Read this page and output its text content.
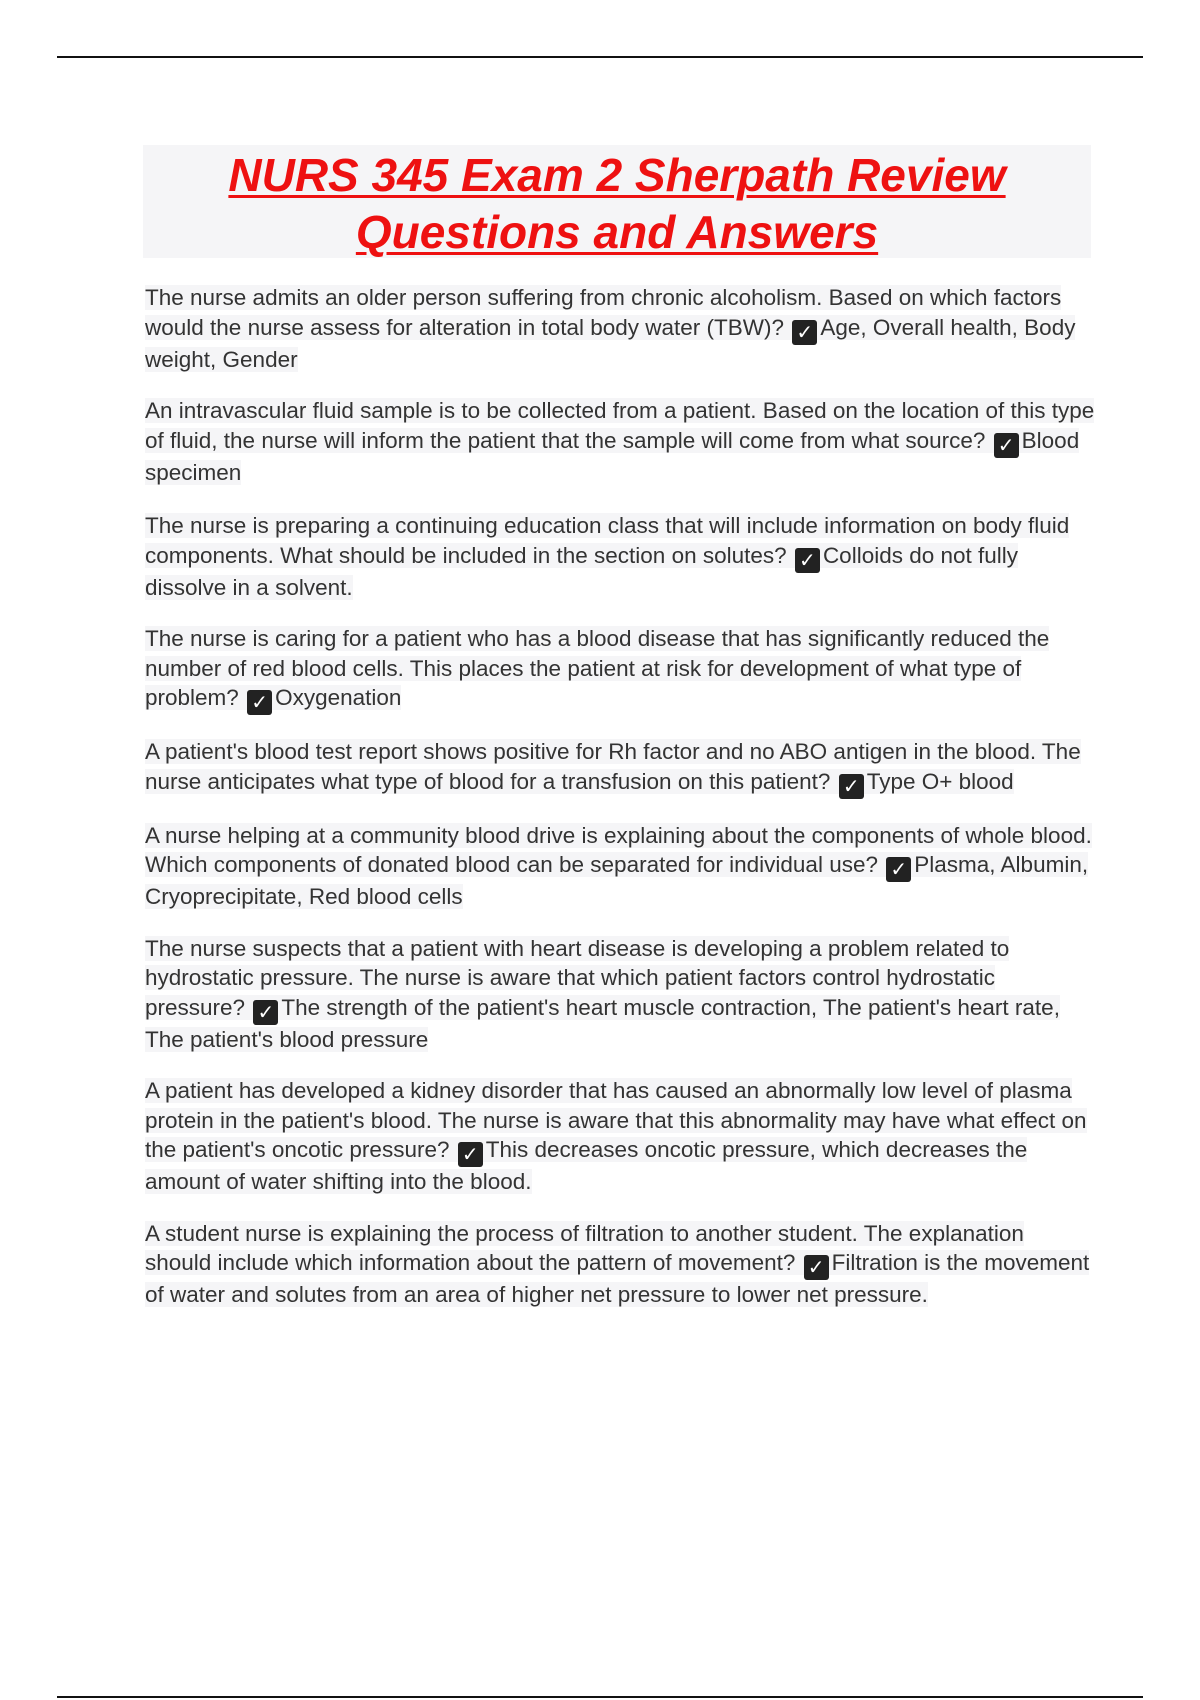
NURS 345 Exam 2 Sherpath Review
Questions and Answers

The nurse admits an older person suffering from chronic alcoholism. Based on which factors would the nurse assess for alteration in total body water (TBW)? ✓ Age, Overall health, Body weight, Gender

An intravascular fluid sample is to be collected from a patient. Based on the location of this type of fluid, the nurse will inform the patient that the sample will come from what source? ✓ Blood specimen

The nurse is preparing a continuing education class that will include information on body fluid components. What should be included in the section on solutes? ✓ Colloids do not fully dissolve in a solvent.

The nurse is caring for a patient who has a blood disease that has significantly reduced the number of red blood cells. This places the patient at risk for development of what type of problem? ✓ Oxygenation

A patient's blood test report shows positive for Rh factor and no ABO antigen in the blood. The nurse anticipates what type of blood for a transfusion on this patient? ✓ Type O+ blood

A nurse helping at a community blood drive is explaining about the components of whole blood. Which components of donated blood can be separated for individual use? ✓ Plasma, Albumin, Cryoprecipitate, Red blood cells

The nurse suspects that a patient with heart disease is developing a problem related to hydrostatic pressure. The nurse is aware that which patient factors control hydrostatic pressure? ✓ The strength of the patient's heart muscle contraction, The patient's heart rate, The patient's blood pressure

A patient has developed a kidney disorder that has caused an abnormally low level of plasma protein in the patient's blood. The nurse is aware that this abnormality may have what effect on the patient's oncotic pressure? ✓ This decreases oncotic pressure, which decreases the amount of water shifting into the blood.

A student nurse is explaining the process of filtration to another student. The explanation should include which information about the pattern of movement? ✓ Filtration is the movement of water and solutes from an area of higher net pressure to lower net pressure.
